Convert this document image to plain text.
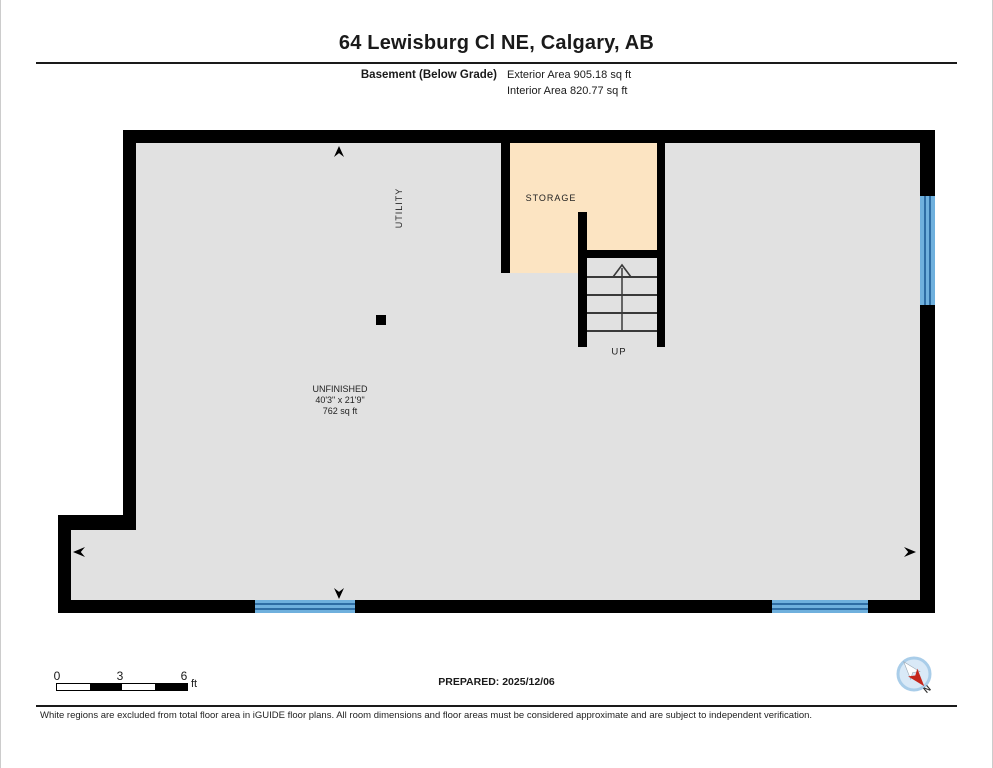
64 Lewisburg Cl NE, Calgary, AB
Basement (Below Grade) Exterior Area 905.18 sq ft
Interior Area 820.77 sq ft
UTILITY	STORAGE
UNFINISHED
40'3" x 21'9"
762 sq ft
UP
0	3	6
ft	PREPARED: 2025/12/06
N
White regions are excluded from total floor area in iGUIDE floor plans. All room dimensions and floor areas must be considered approximate and are subject to independent verification.
